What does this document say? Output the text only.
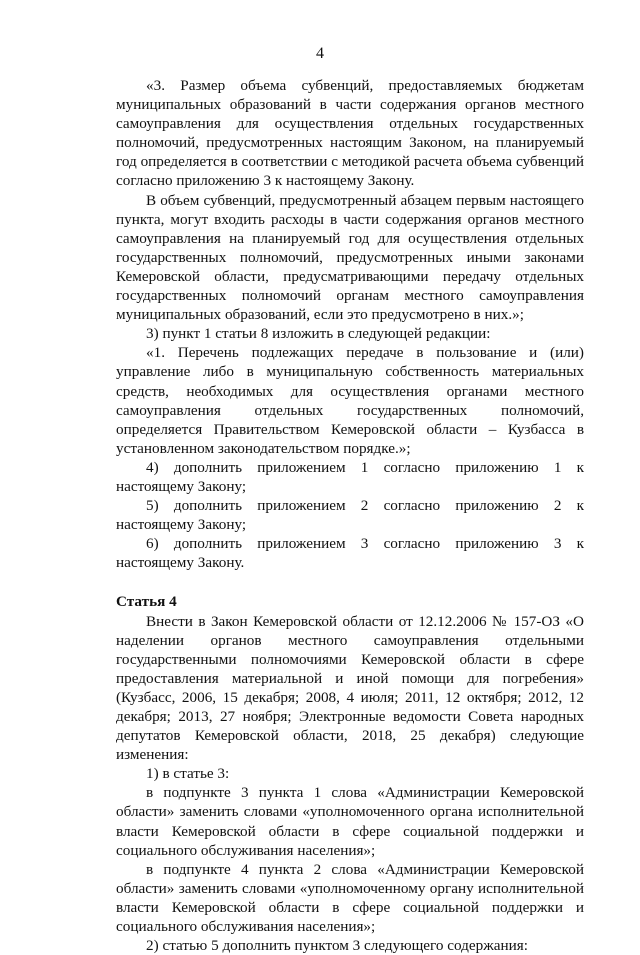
4

«3. Размер объема субвенций, предоставляемых бюджетам муниципальных образований в части содержания органов местного самоуправления для осуществления отдельных государственных полномочий, предусмотренных настоящим Законом, на планируемый год определяется в соответствии с методикой расчета объема субвенций согласно приложению 3 к настоящему Закону.

В объем субвенций, предусмотренный абзацем первым настоящего пункта, могут входить расходы в части содержания органов местного самоуправления на планируемый год для осуществления отдельных государственных полномочий, предусмотренных иными законами Кемеровской области, предусматривающими передачу отдельных государственных полномочий органам местного самоуправления муниципальных образований, если это предусмотрено в них.»;

3) пункт 1 статьи 8 изложить в следующей редакции:

«1. Перечень подлежащих передаче в пользование и (или) управление либо в муниципальную собственность материальных средств, необходимых для осуществления органами местного самоуправления отдельных государственных полномочий, определяется Правительством Кемеровской области – Кузбасса в установленном законодательством порядке.»;

4) дополнить приложением 1 согласно приложению 1 к настоящему Закону;

5) дополнить приложением 2 согласно приложению 2 к настоящему Закону;

6) дополнить приложением 3 согласно приложению 3 к настоящему Закону.

Статья 4

Внести в Закон Кемеровской области от 12.12.2006 № 157-ОЗ «О наделении органов местного самоуправления отдельными государственными полномочиями Кемеровской области в сфере предоставления материальной и иной помощи для погребения» (Кузбасс, 2006, 15 декабря; 2008, 4 июля; 2011, 12 октября; 2012, 12 декабря; 2013, 27 ноября; Электронные ведомости Совета народных депутатов Кемеровской области, 2018, 25 декабря) следующие изменения:

1) в статье 3:

в подпункте 3 пункта 1 слова «Администрации Кемеровской области» заменить словами «уполномоченного органа исполнительной власти Кемеровской области в сфере социальной поддержки и социального обслуживания населения»;

в подпункте 4 пункта 2 слова «Администрации Кемеровской области» заменить словами «уполномоченному органу исполнительной власти Кемеровской области в сфере социальной поддержки и социального обслуживания населения»;

2) статью 5 дополнить пунктом 3 следующего содержания:
